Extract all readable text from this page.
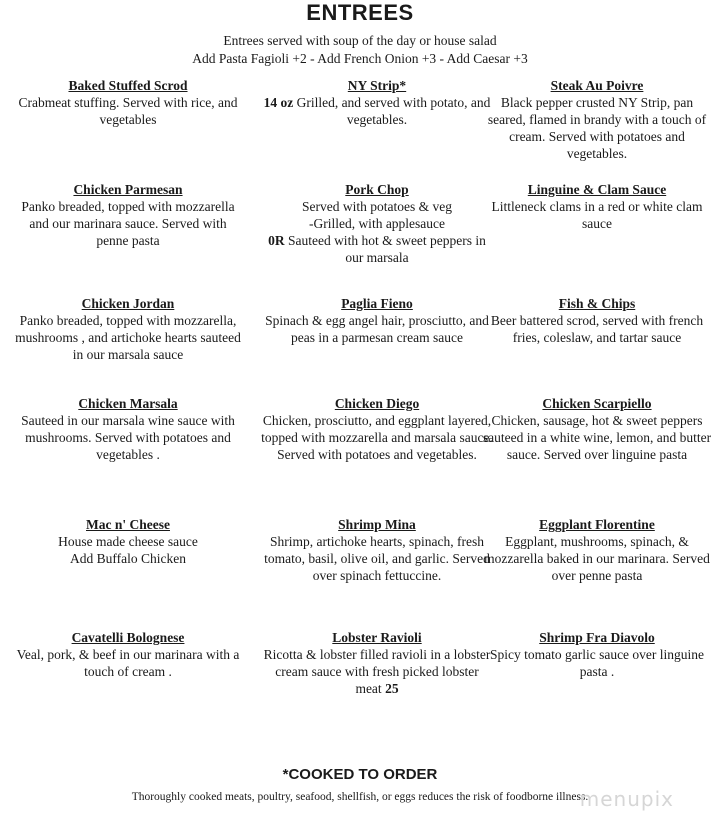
ENTREES
Entrees served with soup of the day or house salad
Add Pasta Fagioli +2 - Add French Onion +3 - Add Caesar +3
Baked Stuffed Scrod
Crabmeat stuffing. Served with rice, and vegetables
NY Strip*
14 oz Grilled, and served with potato, and vegetables.
Steak Au Poivre
Black pepper crusted NY Strip, pan seared, flamed in brandy with a touch of cream. Served with potatoes and vegetables.
Chicken Parmesan
Panko breaded, topped with mozzarella and our marinara sauce. Served with penne pasta
Pork Chop
Served with potatoes & veg
-Grilled, with applesauce
0R Sauteed with hot & sweet peppers in our marsala
Linguine & Clam Sauce
Littleneck clams in a red or white clam sauce
Chicken Jordan
Panko breaded, topped with mozzarella, mushrooms , and artichoke hearts sauteed in our marsala sauce
Paglia Fieno
Spinach & egg angel hair, prosciutto, and peas in a parmesan cream sauce
Fish & Chips
Beer battered scrod, served with french fries, coleslaw, and tartar sauce
Chicken Marsala
Sauteed in our marsala wine sauce with mushrooms. Served with potatoes and vegetables .
Chicken Diego
Chicken, prosciutto, and eggplant layered, topped with mozzarella and marsala sauce. Served with potatoes and vegetables.
Chicken Scarpiello
Chicken, sausage, hot & sweet peppers sauteed in a white wine, lemon, and butter sauce. Served over linguine pasta
Mac n' Cheese
House made cheese sauce
Add Buffalo Chicken
Shrimp Mina
Shrimp, artichoke hearts, spinach, fresh tomato, basil, olive oil, and garlic. Served over spinach fettuccine.
Eggplant Florentine
Eggplant, mushrooms, spinach, & mozzarella baked in our marinara. Served over penne pasta
Cavatelli Bolognese
Veal, pork, & beef in our marinara with a touch of cream .
Lobster Ravioli
Ricotta & lobster filled ravioli in a lobster cream sauce with fresh picked lobster meat 25
Shrimp Fra Diavolo
Spicy tomato garlic sauce over linguine pasta .
*COOKED TO ORDER
Thoroughly cooked meats, poultry, seafood, shellfish, or eggs reduces the risk of foodborne illness.
menupix
